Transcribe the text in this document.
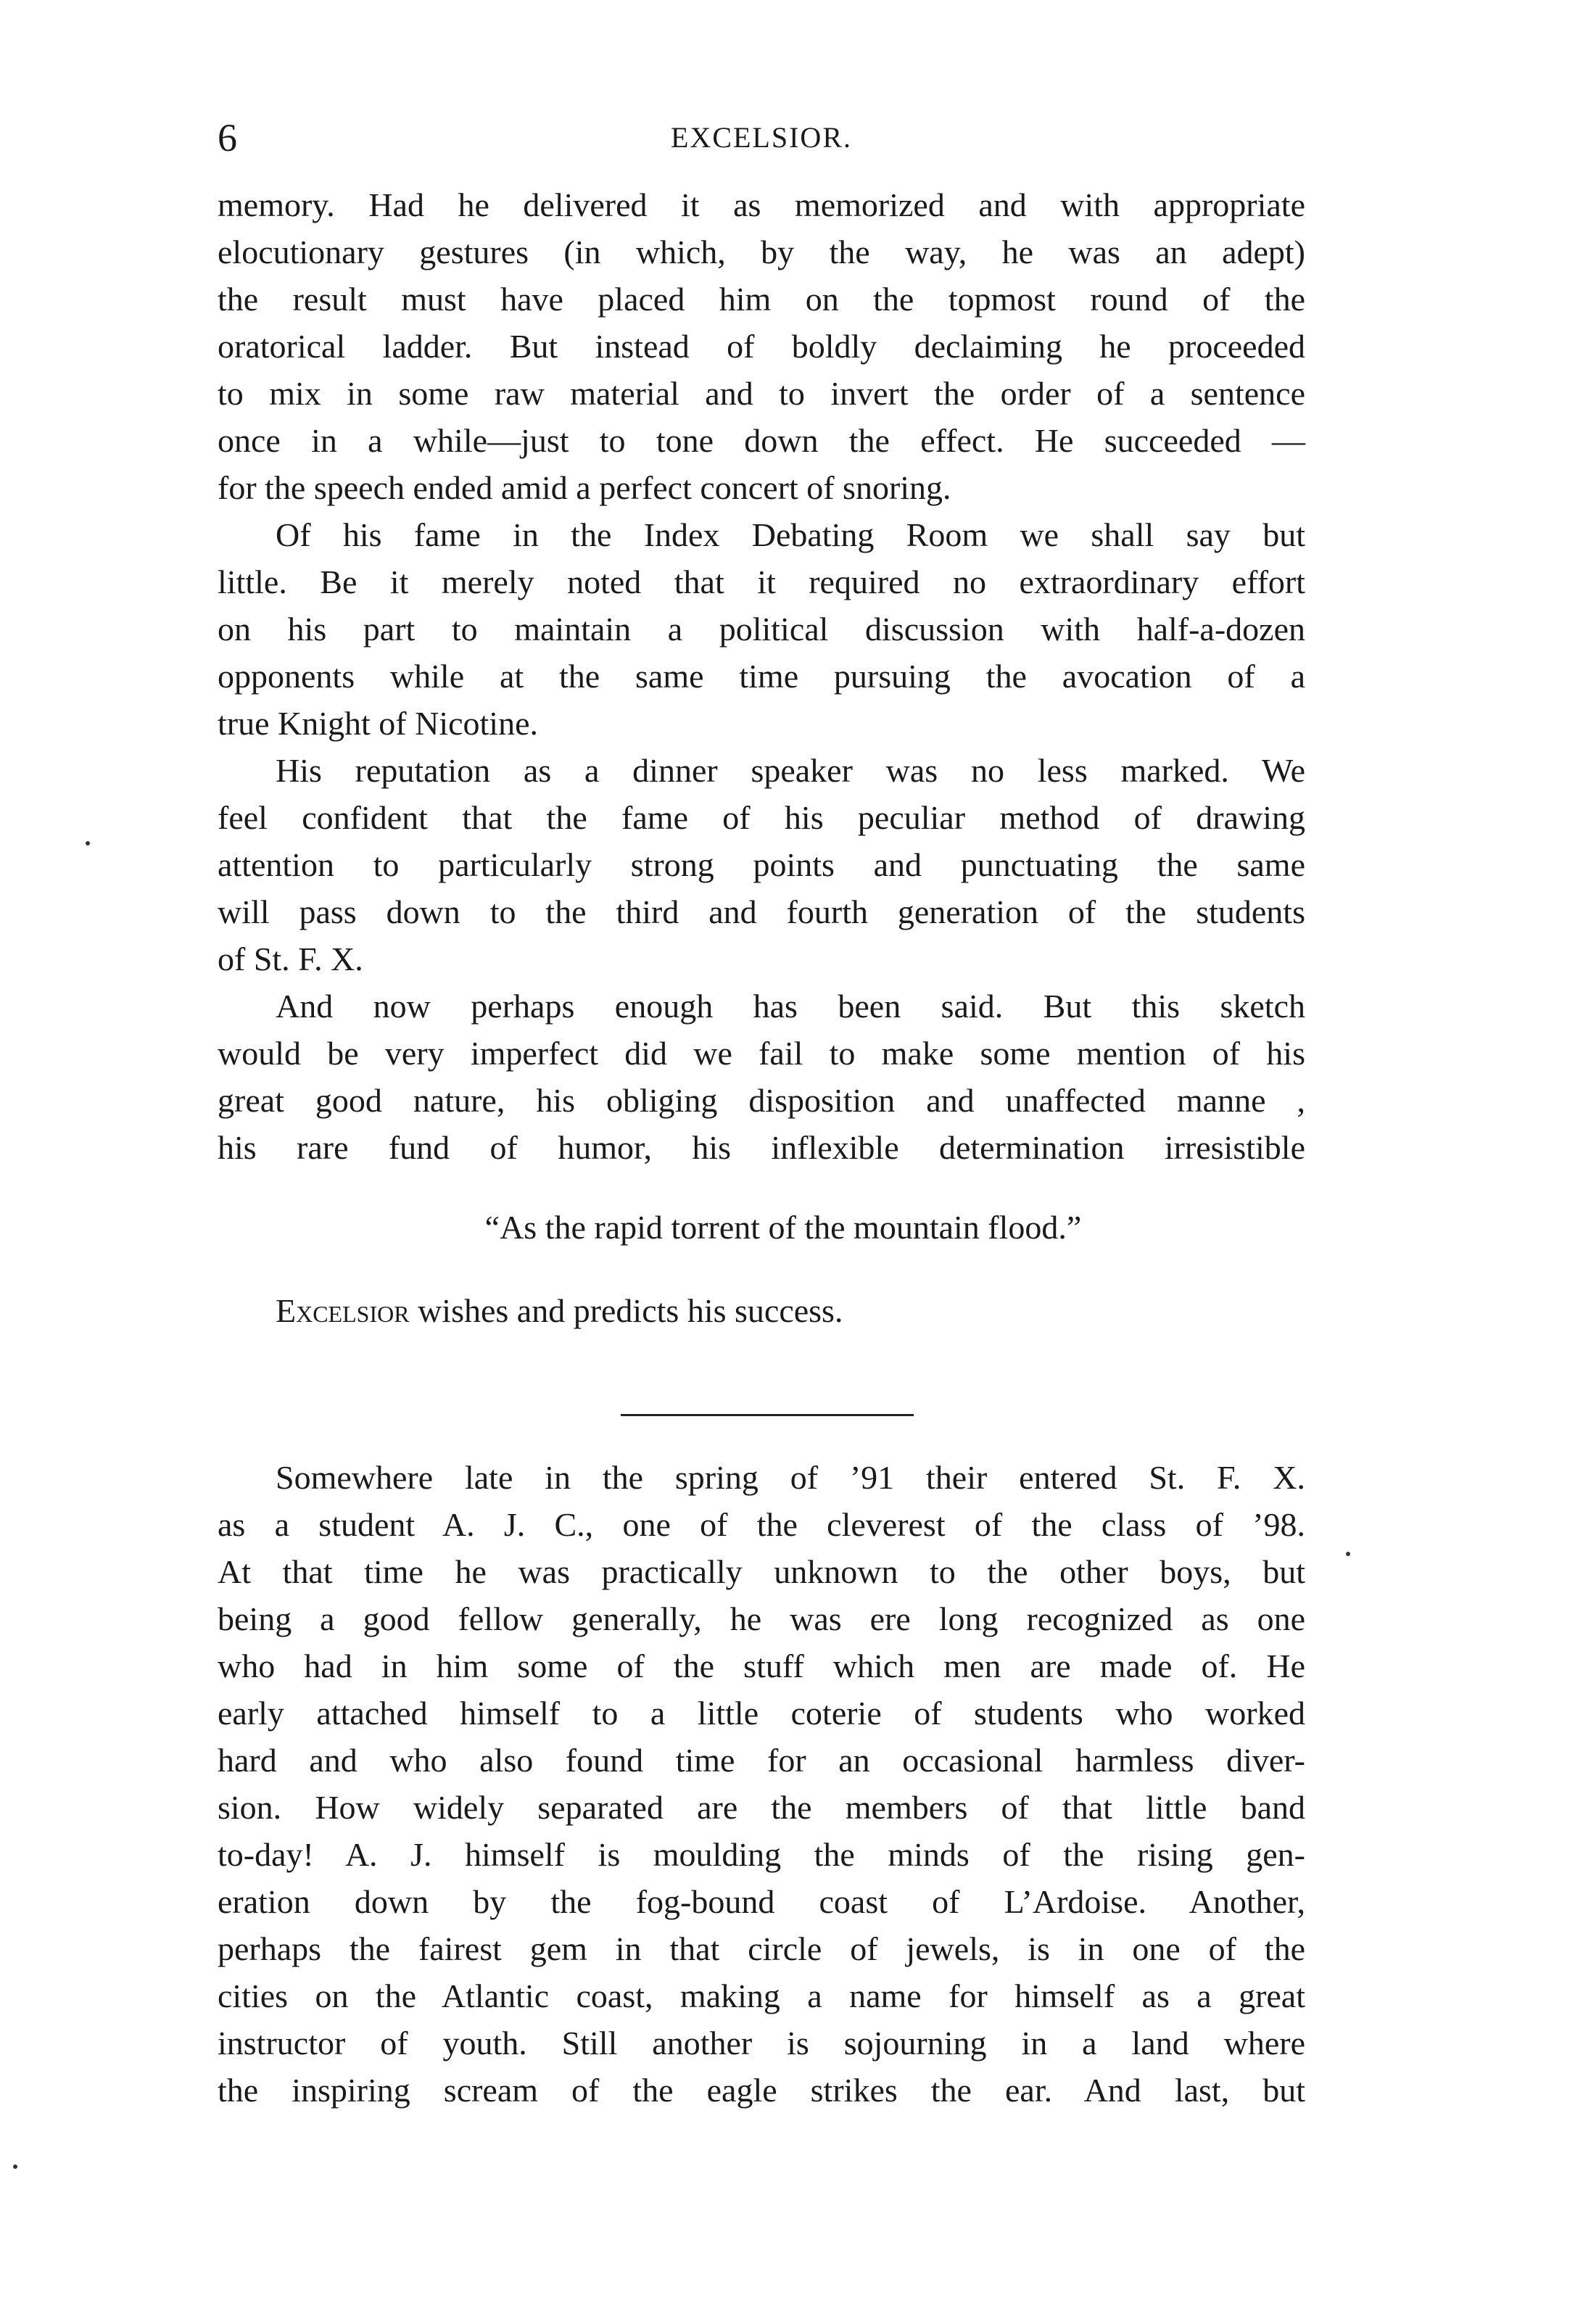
6	EXCELSIOR.
memory. Had he delivered it as memorized and with appropriate
elocutionary gestures (in which, by the way, he was an adept)
the result must have placed him on the topmost round of the
oratorical ladder. But instead of boldly declaiming he proceeded
to mix in some raw material and to invert the order of a sentence
once in a while—just to tone down the effect. He succeeded —
for the speech ended amid a perfect concert of snoring.
Of his fame in the Index Debating Room we shall say but
little. Be it merely noted that it required no extraordinary effort
on his part to maintain a political discussion with half-a-dozen
opponents while at the same time pursuing the avocation of a
true Knight of Nicotine.
His reputation as a dinner speaker was no less marked. We
feel confident that the fame of his peculiar method of drawing
attention to particularly strong points and punctuating the same
will pass down to the third and fourth generation of the students
of St. F. X.
And now perhaps enough has been said. But this sketch
would be very imperfect did we fail to make some mention of his
great good nature, his obliging disposition and unaffected manne ,
his rare fund of humor, his inflexible determination irresistible
“As the rapid torrent of the mountain flood.”
Excelsior wishes and predicts his success.
Somewhere late in the spring of ’91 their entered St. F. X.
as a student A. J. C., one of the cleverest of the class of ’98.
At that time he was practically unknown to the other boys, but
being a good fellow generally, he was ere long recognized as one
who had in him some of the stuff which men are made of. He
early attached himself to a little coterie of students who worked
hard and who also found time for an occasional harmless diver-
sion. How widely separated are the members of that little band
to-day! A. J. himself is moulding the minds of the rising gen-
eration down by the fog-bound coast of L’Ardoise. Another,
perhaps the fairest gem in that circle of jewels, is in one of the
cities on the Atlantic coast, making a name for himself as a great
instructor of youth. Still another is sojourning in a land where
the inspiring scream of the eagle strikes the ear. And last, but
